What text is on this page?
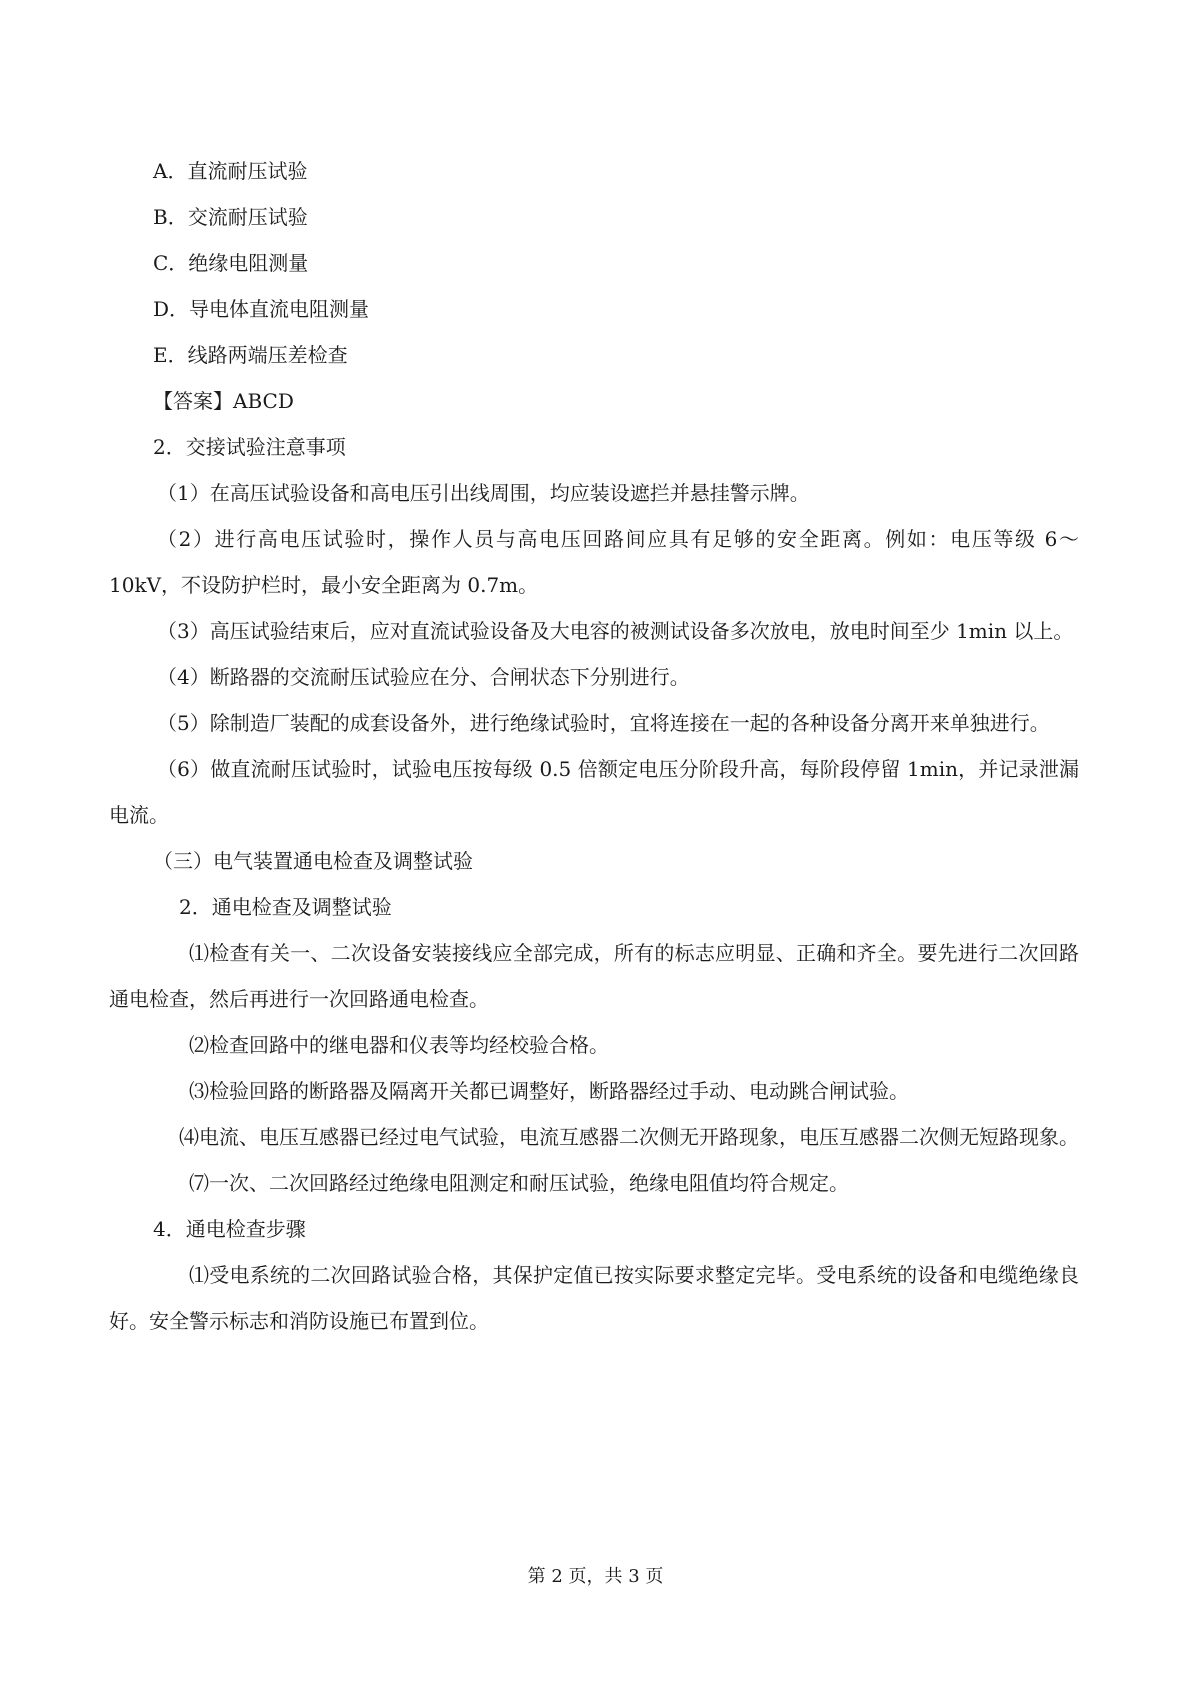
A．直流耐压试验
B．交流耐压试验
C．绝缘电阻测量
D．导电体直流电阻测量
E．线路两端压差检查
【答案】ABCD
2．交接试验注意事项
（1）在高压试验设备和高电压引出线周围，均应装设遮拦并悬挂警示牌。
（2）进行高电压试验时，操作人员与高电压回路间应具有足够的安全距离。例如：电压等级 6～10kV，不设防护栏时，最小安全距离为 0.7m。
（3）高压试验结束后，应对直流试验设备及大电容的被测试设备多次放电，放电时间至少 1min 以上。
（4）断路器的交流耐压试验应在分、合闸状态下分别进行。
（5）除制造厂装配的成套设备外，进行绝缘试验时，宜将连接在一起的各种设备分离开来单独进行。
（6）做直流耐压试验时，试验电压按每级 0.5 倍额定电压分阶段升高，每阶段停留 1min，并记录泄漏电流。
（三）电气装置通电检查及调整试验
2．通电检查及调整试验
⑴检查有关一、二次设备安装接线应全部完成，所有的标志应明显、正确和齐全。要先进行二次回路通电检查，然后再进行一次回路通电检查。
⑵检查回路中的继电器和仪表等均经校验合格。
⑶检验回路的断路器及隔离开关都已调整好，断路器经过手动、电动跳合闸试验。
⑷电流、电压互感器已经过电气试验，电流互感器二次侧无开路现象，电压互感器二次侧无短路现象。
⑺一次、二次回路经过绝缘电阻测定和耐压试验，绝缘电阻值均符合规定。
4．通电检查步骤
⑴受电系统的二次回路试验合格，其保护定值已按实际要求整定完毕。受电系统的设备和电缆绝缘良好。安全警示标志和消防设施已布置到位。
第 2 页，共 3 页
